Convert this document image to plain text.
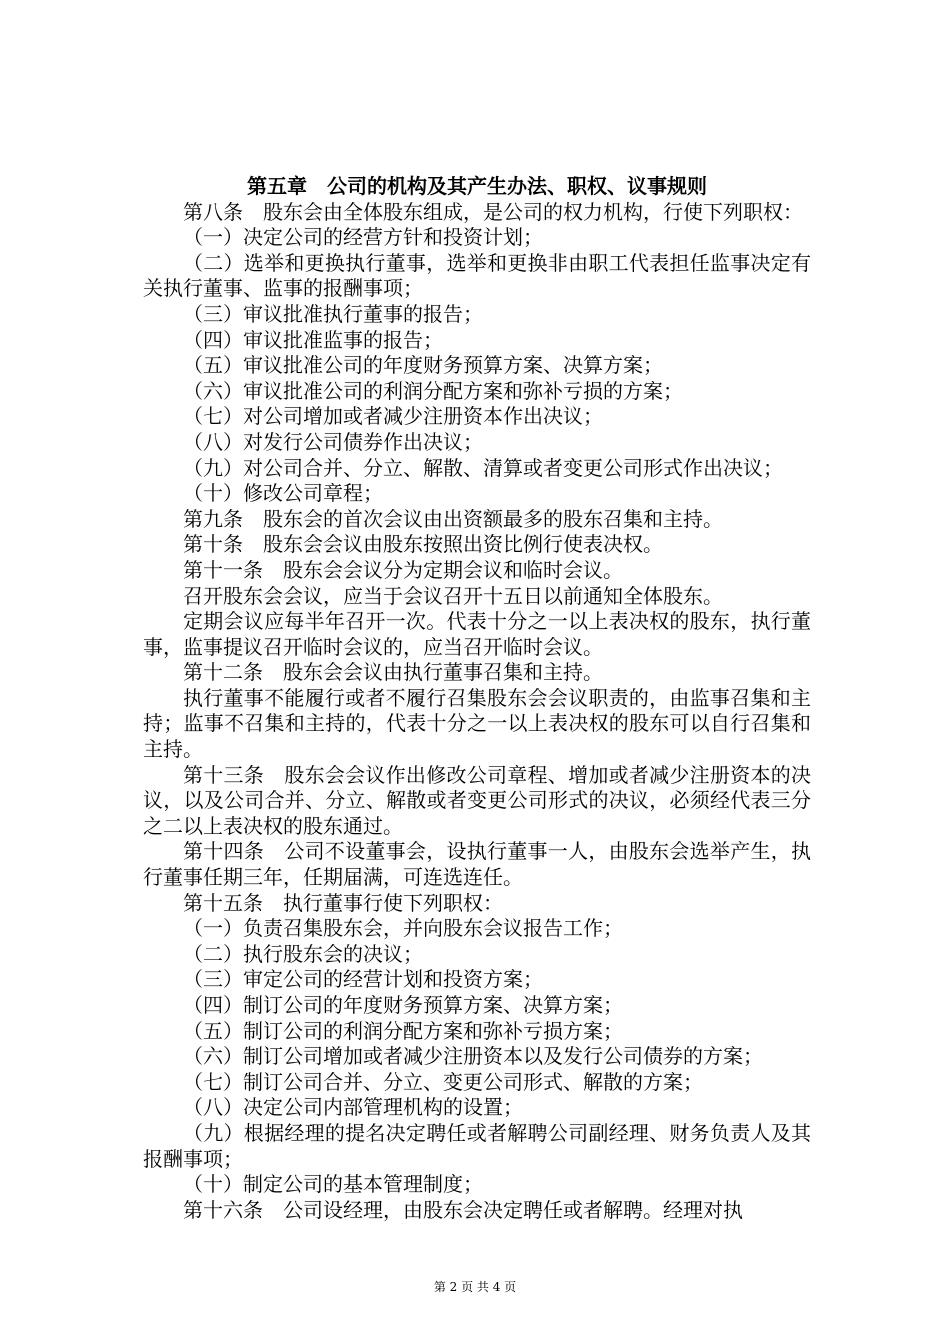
第五章　公司的机构及其产生办法、职权、议事规则

第八条　股东会由全体股东组成，是公司的权力机构，行使下列职权：

（一）决定公司的经营方针和投资计划；

（二）选举和更换执行董事，选举和更换非由职工代表担任监事决定有关执行董事、监事的报酬事项；

（三）审议批准执行董事的报告；

（四）审议批准监事的报告；

（五）审议批准公司的年度财务预算方案、决算方案；

（六）审议批准公司的利润分配方案和弥补亏损的方案；

（七）对公司增加或者减少注册资本作出决议；

（八）对发行公司债券作出决议；

（九）对公司合并、分立、解散、清算或者变更公司形式作出决议；

（十）修改公司章程；

第九条　股东会的首次会议由出资额最多的股东召集和主持。

第十条　股东会会议由股东按照出资比例行使表决权。

第十一条　股东会会议分为定期会议和临时会议。

召开股东会会议，应当于会议召开十五日以前通知全体股东。

定期会议应每半年召开一次。代表十分之一以上表决权的股东，执行董事，监事提议召开临时会议的，应当召开临时会议。

第十二条　股东会会议由执行董事召集和主持。

执行董事不能履行或者不履行召集股东会会议职责的，由监事召集和主持；监事不召集和主持的，代表十分之一以上表决权的股东可以自行召集和主持。

第十三条　股东会会议作出修改公司章程、增加或者减少注册资本的决议，以及公司合并、分立、解散或者变更公司形式的决议，必须经代表三分之二以上表决权的股东通过。

第十四条　公司不设董事会，设执行董事一人，由股东会选举产生，执行董事任期三年，任期届满，可连选连任。

第十五条　执行董事行使下列职权：

（一）负责召集股东会，并向股东会议报告工作；

（二）执行股东会的决议；

（三）审定公司的经营计划和投资方案；

（四）制订公司的年度财务预算方案、决算方案；

（五）制订公司的利润分配方案和弥补亏损方案；

（六）制订公司增加或者减少注册资本以及发行公司债券的方案；

（七）制订公司合并、分立、变更公司形式、解散的方案；

（八）决定公司内部管理机构的设置；

（九）根据经理的提名决定聘任或者解聘公司副经理、财务负责人及其报酬事项；

（十）制定公司的基本管理制度；

第十六条　公司设经理，由股东会决定聘任或者解聘。经理对执

第 2 页 共 4 页
